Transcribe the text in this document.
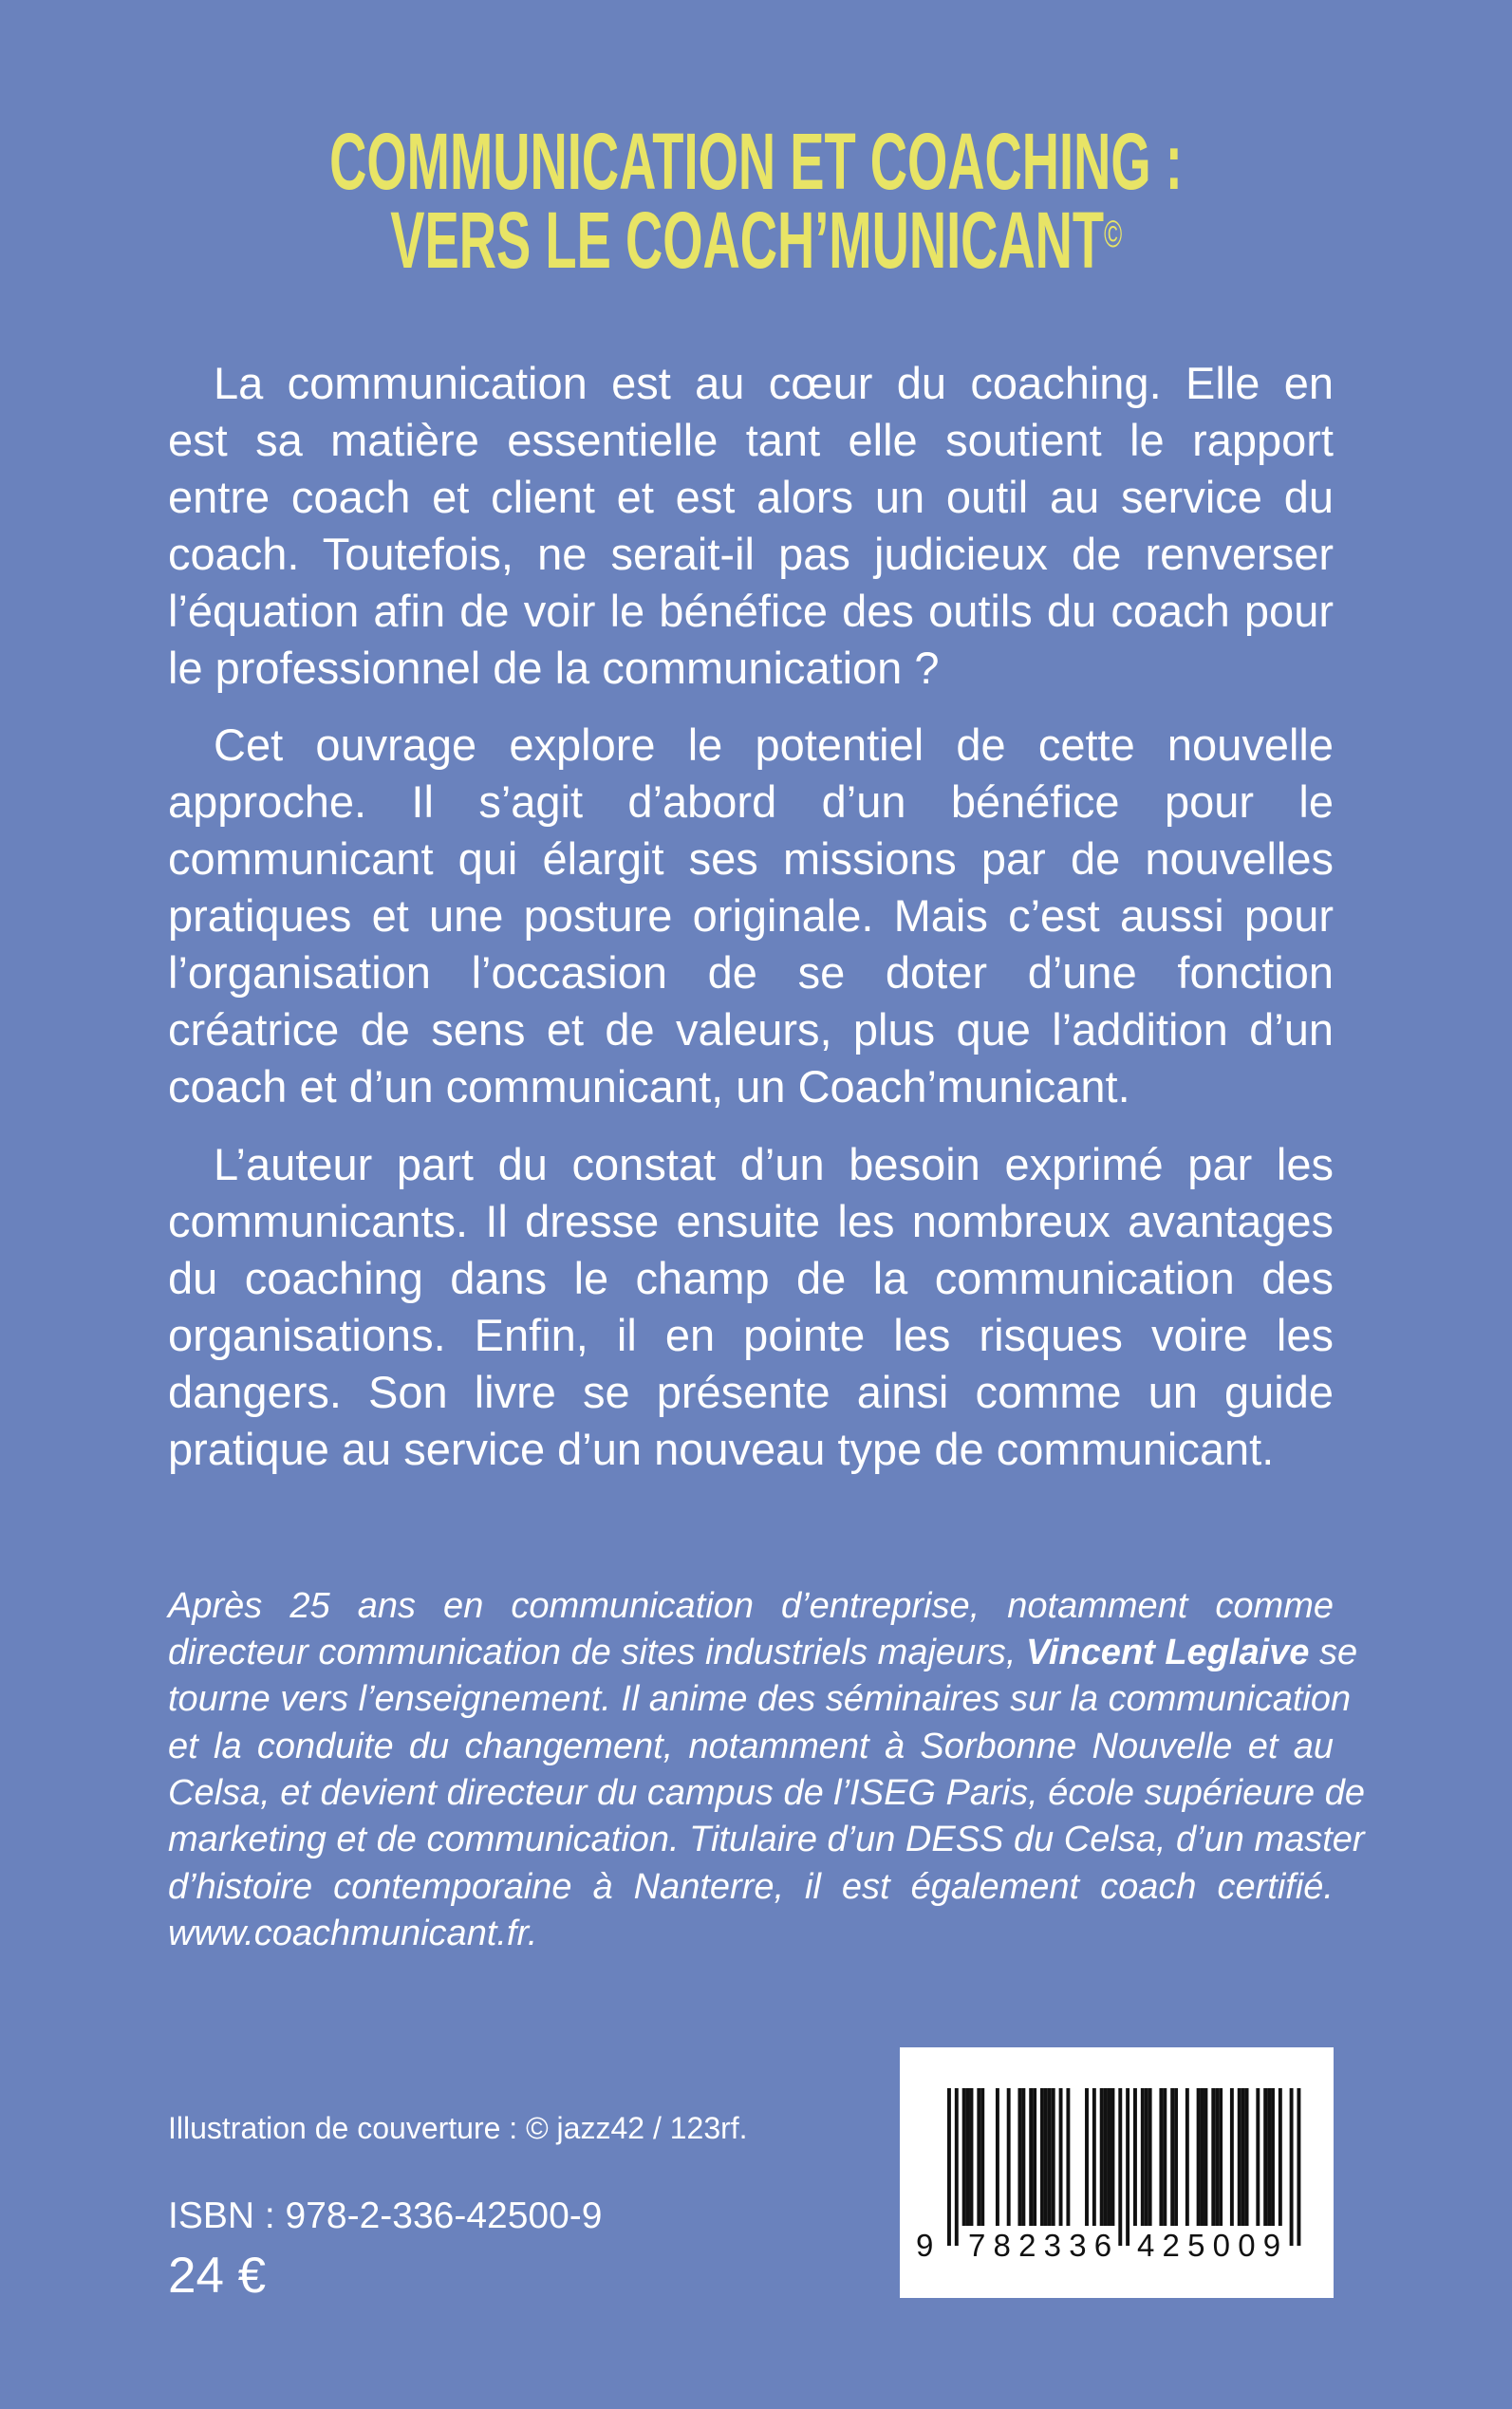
COMMUNICATION ET COACHING :
VERS LE COACH’MUNICANT©
La communication est au cœur du coaching. Elle en
est sa matière essentielle tant elle soutient le rapport
entre coach et client et est alors un outil au service du
coach. Toutefois, ne serait-il pas judicieux de renverser
l’équation afin de voir le bénéfice des outils du coach pour
le professionnel de la communication ?
Cet ouvrage explore le potentiel de cette nouvelle
approche. Il s’agit d’abord d’un bénéfice pour le
communicant qui élargit ses missions par de nouvelles
pratiques et une posture originale. Mais c’est aussi pour
l’organisation l’occasion de se doter d’une fonction
créatrice de sens et de valeurs, plus que l’addition d’un
coach et d’un communicant, un Coach’municant.
L’auteur part du constat d’un besoin exprimé par les
communicants. Il dresse ensuite les nombreux avantages
du coaching dans le champ de la communication des
organisations. Enfin, il en pointe les risques voire les
dangers. Son livre se présente ainsi comme un guide
pratique au service d’un nouveau type de communicant.
Après 25 ans en communication d’entreprise, notamment comme
directeur communication de sites industriels majeurs, Vincent Leglaive se
tourne vers l’enseignement. Il anime des séminaires sur la communication
et la conduite du changement, notamment à Sorbonne Nouvelle et au
Celsa, et devient directeur du campus de l’ISEG Paris, école supérieure de
marketing et de communication. Titulaire d’un DESS du Celsa, d’un master
d’histoire contemporaine à Nanterre, il est également coach certifié.
www.coachmunicant.fr.
Illustration de couverture : © jazz42 / 123rf.
ISBN : 978-2-336-42500-9
24 €
9 782336 425009
